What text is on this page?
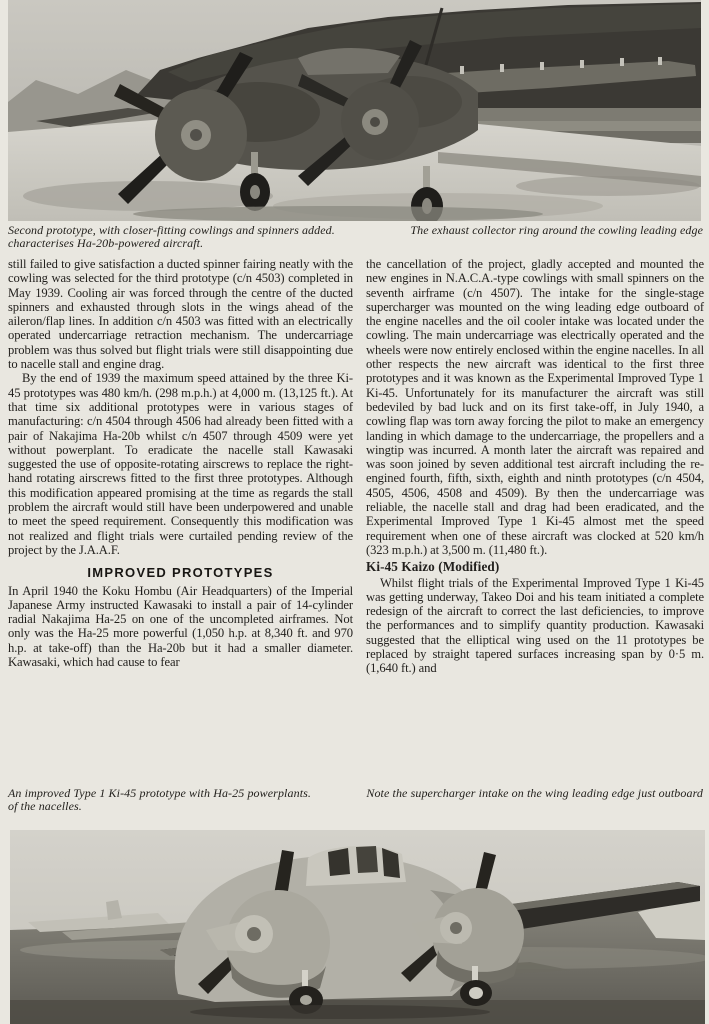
Second prototype, with closer-fitting cowlings and spinners added.	The exhaust collector ring around the cowling leading edge
characterises Ha-20b-powered aircraft.

still failed to give satisfaction a ducted spinner fairing neatly with the cowling was selected for the third prototype (c/n 4503) completed in May 1939. Cooling air was forced through the centre of the ducted spinners and exhausted through slots in the wings ahead of the aileron/flap lines. In addition c/n 4503 was fitted with an electrically operated undercarriage retraction mechanism. The undercarriage problem was thus solved but flight trials were still disappointing due to nacelle stall and engine drag.

By the end of 1939 the maximum speed attained by the three Ki-45 prototypes was 480 km/h. (298 m.p.h.) at 4,000 m. (13,125 ft.). At that time six additional prototypes were in various stages of manufacturing: c/n 4504 through 4506 had already been fitted with a pair of Nakajima Ha-20b whilst c/n 4507 through 4509 were yet without powerplant. To eradicate the nacelle stall Kawasaki suggested the use of opposite-rotating airscrews to replace the right-hand rotating airscrews fitted to the first three prototypes. Although this modification appeared promising at the time as regards the stall problem the aircraft would still have been underpowered and unable to meet the speed requirement. Consequently this modification was not realized and flight trials were curtailed pending review of the project by the J.A.A.F.

IMPROVED PROTOTYPES

In April 1940 the Koku Hombu (Air Headquarters) of the Imperial Japanese Army instructed Kawasaki to install a pair of 14-cylinder radial Nakajima Ha-25 on one of the uncompleted airframes. Not only was the Ha-25 more powerful (1,050 h.p. at 8,340 ft. and 970 h.p. at take-off) than the Ha-20b but it had a smaller diameter. Kawasaki, which had cause to fear

the cancellation of the project, gladly accepted and mounted the new engines in N.A.C.A.-type cowlings with small spinners on the seventh airframe (c/n 4507). The intake for the single-stage supercharger was mounted on the wing leading edge outboard of the engine nacelles and the oil cooler intake was located under the cowling. The main undercarriage was electrically operated and the wheels were now entirely enclosed within the engine nacelles. In all other respects the new aircraft was identical to the first three prototypes and it was known as the Experimental Improved Type 1 Ki-45. Unfortunately for its manufacturer the aircraft was still bedeviled by bad luck and on its first take-off, in July 1940, a cowling flap was torn away forcing the pilot to make an emergency landing in which damage to the undercarriage, the propellers and a wingtip was incurred. A month later the aircraft was repaired and was soon joined by seven additional test aircraft including the re-engined fourth, fifth, sixth, eighth and ninth prototypes (c/n 4504, 4505, 4506, 4508 and 4509). By then the undercarriage was reliable, the nacelle stall and drag had been eradicated, and the Experimental Improved Type 1 Ki-45 almost met the speed requirement when one of these aircraft was clocked at 520 km/h (323 m.p.h.) at 3,500 m. (11,480 ft.).

Ki-45 Kaizo (Modified)

Whilst flight trials of the Experimental Improved Type 1 Ki-45 was getting underway, Takeo Doi and his team initiated a complete redesign of the aircraft to correct the last deficiencies, to improve the performances and to simplify quantity production. Kawasaki suggested that the elliptical wing used on the 11 prototypes be replaced by straight tapered surfaces increasing span by 0·5 m. (1,640 ft.) and

An improved Type 1 Ki-45 prototype with Ha-25 powerplants.	Note the supercharger intake on the wing leading edge just outboard
of the nacelles.
